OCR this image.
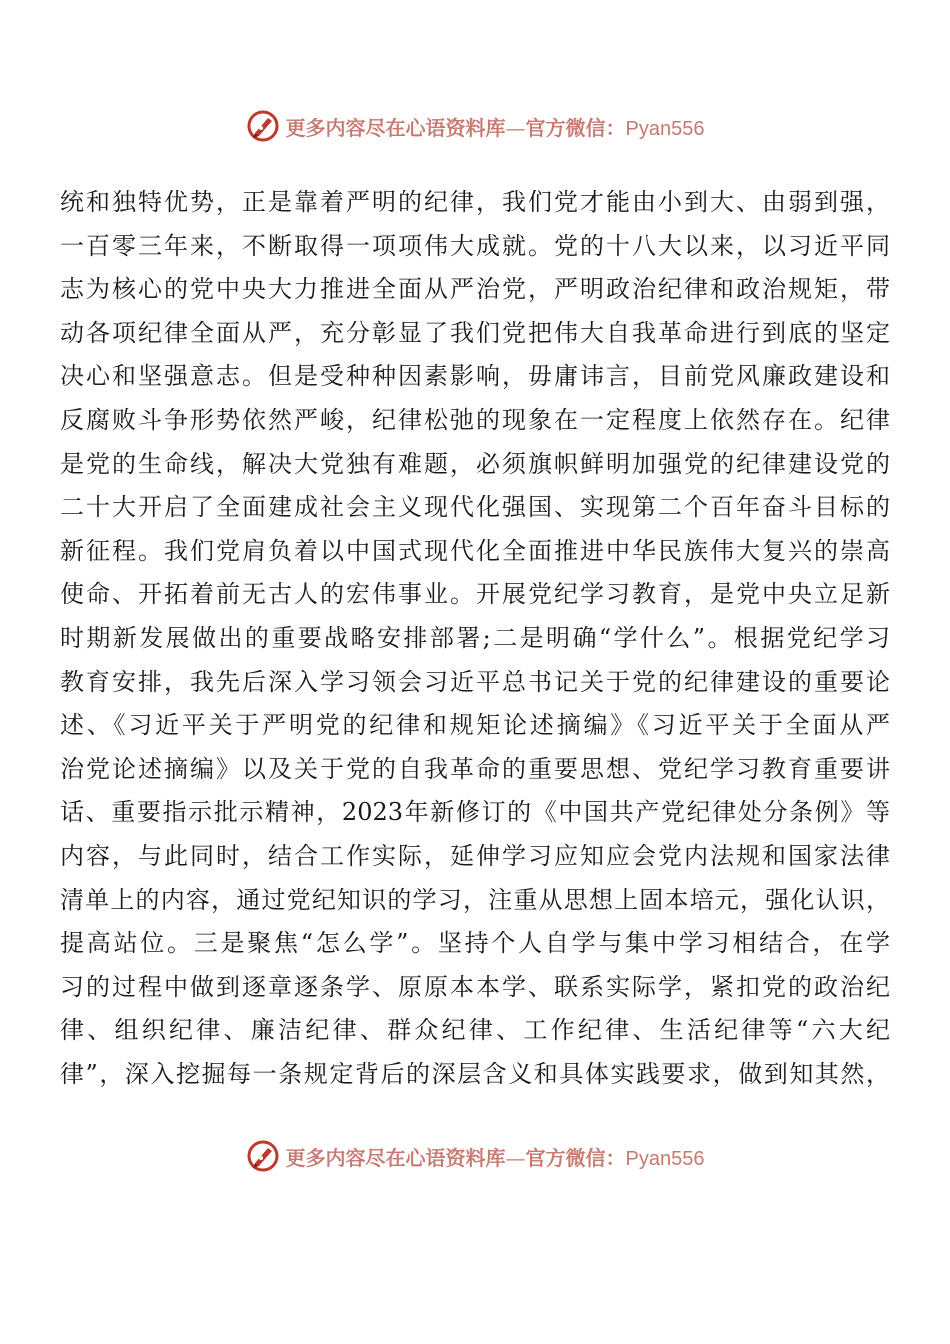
更多内容尽在心语资料库—官方微信：Pyan556
统和独特优势，正是靠着严明的纪律，我们党才能由小到大、由弱到强，
一百零三年来，不断取得一项项伟大成就。党的十八大以来，以习近平同
志为核心的党中央大力推进全面从严治党，严明政治纪律和政治规矩，带
动各项纪律全面从严，充分彰显了我们党把伟大自我革命进行到底的坚定
决心和坚强意志。但是受种种因素影响，毋庸讳言，目前党风廉政建设和
反腐败斗争形势依然严峻，纪律松弛的现象在一定程度上依然存在。纪律
是党的生命线，解决大党独有难题，必须旗帜鲜明加强党的纪律建设党的
二十大开启了全面建成社会主义现代化强国、实现第二个百年奋斗目标的
新征程。我们党肩负着以中国式现代化全面推进中华民族伟大复兴的崇高
使命、开拓着前无古人的宏伟事业。开展党纪学习教育，是党中央立足新
时期新发展做出的重要战略安排部署;二是明确“学什么”。根据党纪学习
教育安排，我先后深入学习领会习近平总书记关于党的纪律建设的重要论
述、《习近平关于严明党的纪律和规矩论述摘编》《习近平关于全面从严
治党论述摘编》以及关于党的自我革命的重要思想、党纪学习教育重要讲
话、重要指示批示精神，2023年新修订的《中国共产党纪律处分条例》等
内容，与此同时，结合工作实际，延伸学习应知应会党内法规和国家法律
清单上的内容，通过党纪知识的学习，注重从思想上固本培元，强化认识，
提高站位。三是聚焦“怎么学”。坚持个人自学与集中学习相结合，在学
习的过程中做到逐章逐条学、原原本本学、联系实际学，紧扣党的政治纪
律、组织纪律、廉洁纪律、群众纪律、工作纪律、生活纪律等“六大纪
律”，深入挖掘每一条规定背后的深层含义和具体实践要求，做到知其然，
更多内容尽在心语资料库—官方微信：Pyan556
